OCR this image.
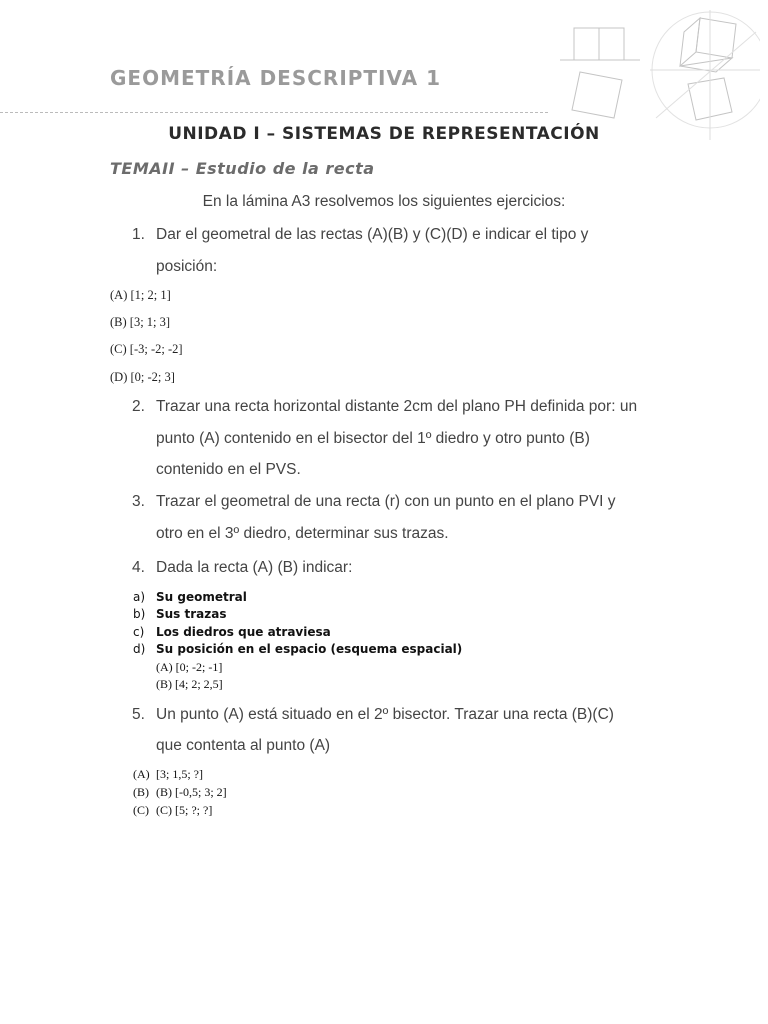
GEOMETRÍA DESCRIPTIVA 1
UNIDAD I – SISTEMAS DE REPRESENTACIÓN
TEMAII – Estudio de la recta
En la lámina A3 resolvemos los siguientes ejercicios:
1. Dar el geometral de las rectas (A)(B) y (C)(D) e indicar el tipo y
posición:
(A) [1; 2; 1]
(B) [3; 1; 3]
(C) [-3; -2; -2]
(D) [0; -2; 3]
2. Trazar una recta horizontal distante 2cm del plano PH definida por: un
punto (A) contenido en el bisector del 1º diedro y otro punto (B)
contenido en el PVS.
3. Trazar el geometral de una recta (r) con un punto en el plano PVI y
otro en el 3º diedro, determinar sus trazas.
4. Dada la recta (A) (B) indicar:
a) Su geometral
b) Sus trazas
c) Los diedros que atraviesa
d) Su posición en el espacio (esquema espacial)
(A) [0; -2; -1]
(B) [4; 2; 2,5]
5. Un punto (A) está situado en el 2º bisector. Trazar una recta (B)(C)
que contenta al punto (A)
(A) [3; 1,5; ?]
(B) (B) [-0,5; 3; 2]
(C) (C) [5; ?; ?]
